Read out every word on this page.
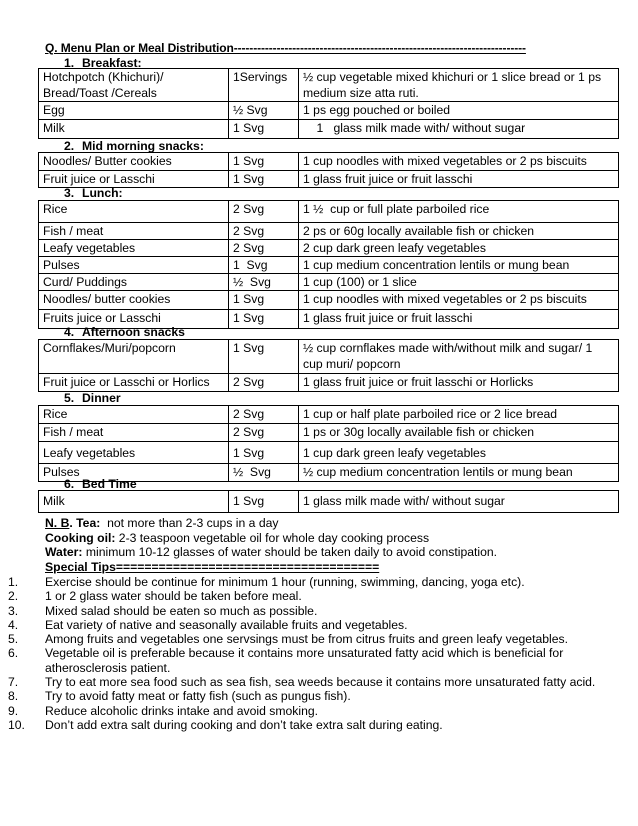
Q. Menu Plan or Meal Distribution---------------------------------------------------------------------------
1. Breakfast:
Hotchpotch (Khichuri)/ Bread/Toast /Cereals	1Servings	½ cup vegetable mixed khichuri or 1 slice bread or 1 ps medium size atta ruti.
Egg	½ Svg	1 ps egg pouched or boiled
Milk	1 Svg	1   glass milk made with/ without sugar
2. Mid morning snacks:
Noodles/ Butter cookies	1 Svg	1 cup noodles with mixed vegetables or 2 ps biscuits
Fruit juice or Lasschi	1 Svg	1 glass fruit juice or fruit lasschi
3. Lunch:
Rice	2 Svg	1 ½  cup or full plate parboiled rice
Fish / meat	2 Svg	2 ps or 60g locally available fish or chicken
Leafy vegetables	2 Svg	2 cup dark green leafy vegetables
Pulses	1  Svg	1 cup medium concentration lentils or mung bean
Curd/ Puddings	½  Svg	1 cup (100) or 1 slice
Noodles/ butter cookies	1 Svg	1 cup noodles with mixed vegetables or 2 ps biscuits
Fruits juice or Lasschi	1 Svg	1 glass fruit juice or fruit lasschi
4. Afternoon snacks
Cornflakes/Muri/popcorn	1 Svg	½ cup cornflakes made with/without milk and sugar/ 1 cup muri/ popcorn
Fruit juice or Lasschi or Horlics	2 Svg	1 glass fruit juice or fruit lasschi or Horlicks
5. Dinner
Rice	2 Svg	1 cup or half plate parboiled rice or 2 lice bread
Fish / meat	2 Svg	1 ps or 30g locally available fish or chicken
Leafy vegetables	1 Svg	1 cup dark green leafy vegetables
Pulses	½  Svg	½ cup medium concentration lentils or mung bean
6. Bed Time
Milk	1 Svg	1 glass milk made with/ without sugar
N. B. Tea:  not more than 2-3 cups in a day
Cooking oil: 2-3 teaspoon vegetable oil for whole day cooking process
Water: minimum 10-12 glasses of water should be taken daily to avoid constipation.
Special Tips=====================================
1.	Exercise should be continue for minimum 1 hour (running, swimming, dancing, yoga etc).
2.	1 or 2 glass water should be taken before meal.
3.	Mixed salad should be eaten so much as possible.
4.	Eat variety of native and seasonally available fruits and vegetables.
5.	Among fruits and vegetables one servsings must be from citrus fruits and green leafy vegetables.
6.	Vegetable oil is preferable because it contains more unsaturated fatty acid which is beneficial for atherosclerosis patient.
7.	Try to eat more sea food such as sea fish, sea weeds because it contains more unsaturated fatty acid.
8.	Try to avoid fatty meat or fatty fish (such as pungus fish).
9.	Reduce alcoholic drinks intake and avoid smoking.
10.	Don’t add extra salt during cooking and don’t take extra salt during eating.
